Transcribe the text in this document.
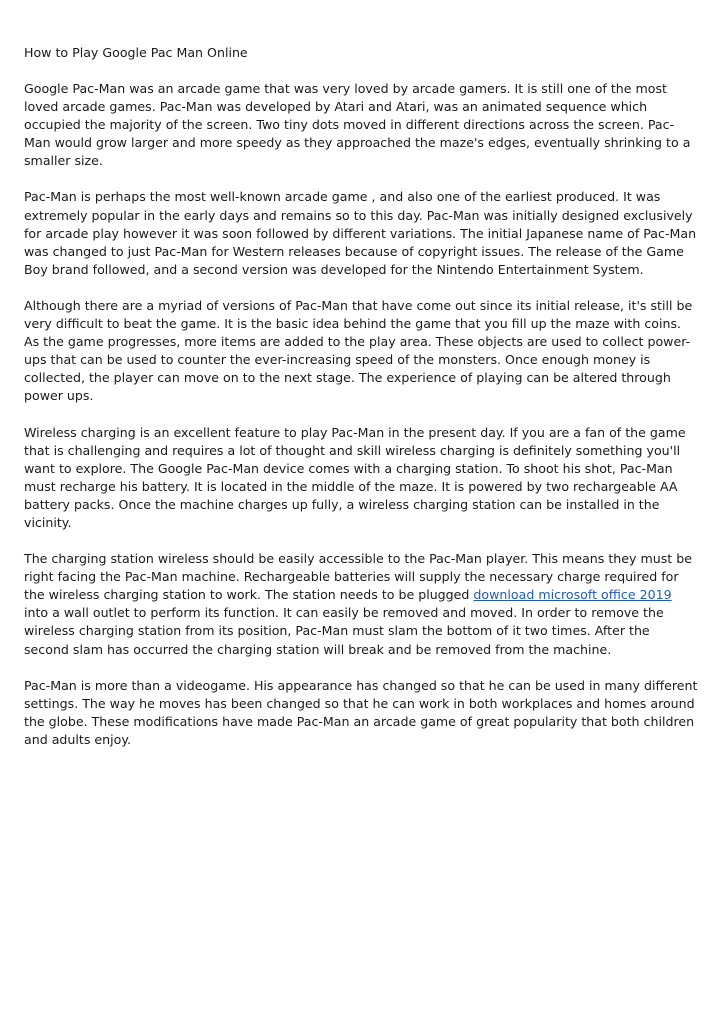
How to Play Google Pac Man Online

Google Pac-Man was an arcade game that was very loved by arcade gamers. It is still one of the most loved arcade games. Pac-Man was developed by Atari and Atari, was an animated sequence which occupied the majority of the screen. Two tiny dots moved in different directions across the screen. Pac-Man would grow larger and more speedy as they approached the maze's edges, eventually shrinking to a smaller size.

Pac-Man is perhaps the most well-known arcade game , and also one of the earliest produced. It was extremely popular in the early days and remains so to this day. Pac-Man was initially designed exclusively for arcade play however it was soon followed by different variations. The initial Japanese name of Pac-Man was changed to just Pac-Man for Western releases because of copyright issues. The release of the Game Boy brand followed, and a second version was developed for the Nintendo Entertainment System.

Although there are a myriad of versions of Pac-Man that have come out since its initial release, it's still be very difficult to beat the game. It is the basic idea behind the game that you fill up the maze with coins. As the game progresses, more items are added to the play area. These objects are used to collect power-ups that can be used to counter the ever-increasing speed of the monsters. Once enough money is collected, the player can move on to the next stage. The experience of playing can be altered through power ups.

Wireless charging is an excellent feature to play Pac-Man in the present day. If you are a fan of the game that is challenging and requires a lot of thought and skill wireless charging is definitely something you'll want to explore. The Google Pac-Man device comes with a charging station. To shoot his shot, Pac-Man must recharge his battery. It is located in the middle of the maze. It is powered by two rechargeable AA battery packs. Once the machine charges up fully, a wireless charging station can be installed in the vicinity.

The charging station wireless should be easily accessible to the Pac-Man player. This means they must be right facing the Pac-Man machine. Rechargeable batteries will supply the necessary charge required for the wireless charging station to work. The station needs to be plugged download microsoft office 2019 into a wall outlet to perform its function. It can easily be removed and moved. In order to remove the wireless charging station from its position, Pac-Man must slam the bottom of it two times. After the second slam has occurred the charging station will break and be removed from the machine.

Pac-Man is more than a videogame. His appearance has changed so that he can be used in many different settings. The way he moves has been changed so that he can work in both workplaces and homes around the globe. These modifications have made Pac-Man an arcade game of great popularity that both children and adults enjoy.
